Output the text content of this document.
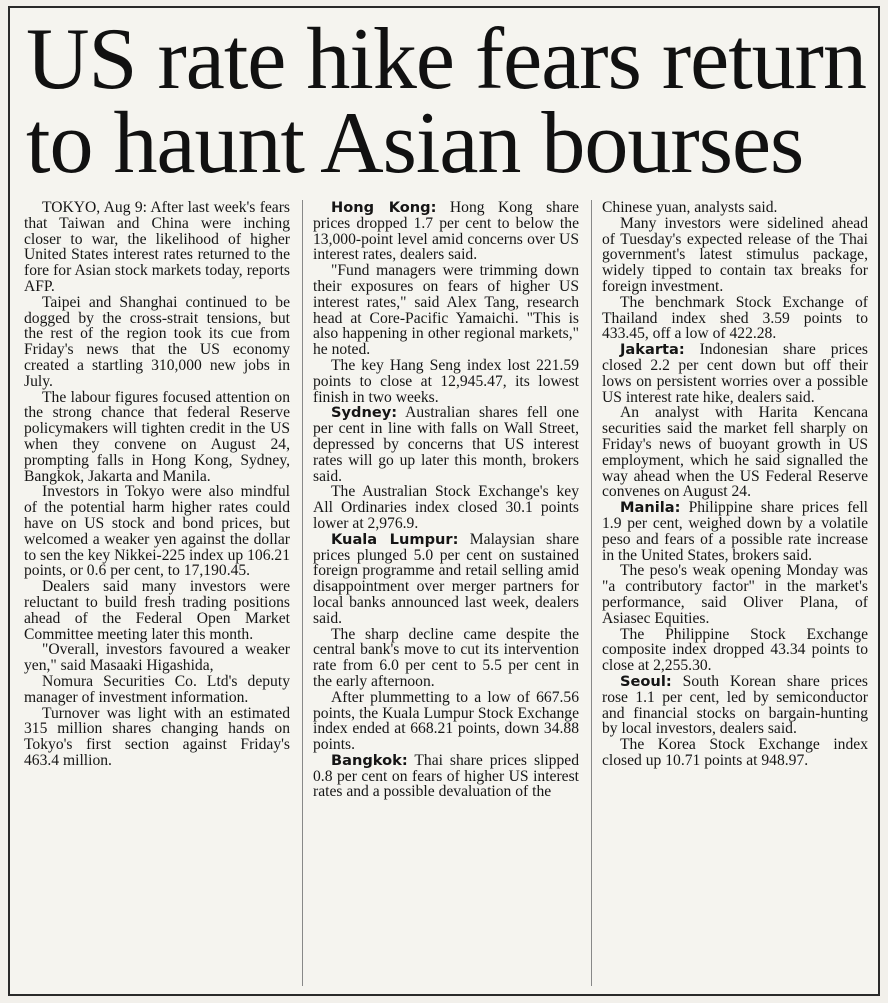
US rate hike fears return
to haunt Asian bourses

TOKYO, Aug 9: After last week's fears that Taiwan and China were inching closer to war, the likelihood of higher United States interest rates returned to the fore for Asian stock markets today, reports AFP.

Taipei and Shanghai continued to be dogged by the cross-strait tensions, but the rest of the region took its cue from Friday's news that the US economy created a startling 310,000 new jobs in July.

The labour figures focused attention on the strong chance that federal Reserve policymakers will tighten credit in the US when they convene on August 24, prompting falls in Hong Kong, Sydney, Bangkok, Jakarta and Manila.

Investors in Tokyo were also mindful of the potential harm higher rates could have on US stock and bond prices, but welcomed a weaker yen against the dollar to sen the key Nikkei-225 index up 106.21 points, or 0.6 per cent, to 17,190.45.

Dealers said many investors were reluctant to build fresh trading positions ahead of the Federal Open Market Committee meeting later this month.

"Overall, investors favoured a weaker yen," said Masaaki Higashida,

Nomura Securities Co. Ltd's deputy manager of investment information.

Turnover was light with an estimated 315 million shares changing hands on Tokyo's first section against Friday's 463.4 million.

Hong Kong: Hong Kong share prices dropped 1.7 per cent to below the 13,000-point level amid concerns over US interest rates, dealers said.

"Fund managers were trimming down their exposures on fears of higher US interest rates," said Alex Tang, research head at Core-Pacific Yamaichi. "This is also happening in other regional markets," he noted.

The key Hang Seng index lost 221.59 points to close at 12,945.47, its lowest finish in two weeks.

Sydney: Australian shares fell one per cent in line with falls on Wall Street, depressed by concerns that US interest rates will go up later this month, brokers said.

The Australian Stock Exchange's key All Ordinaries index closed 30.1 points lower at 2,976.9.

Kuala Lumpur: Malaysian share prices plunged 5.0 per cent on sustained foreign programme and retail selling amid disappointment over merger partners for local banks announced last week, dealers said.

The sharp decline came despite the central bank's move to cut its intervention rate from 6.0 per cent to 5.5 per cent in the early afternoon.

After plummetting to a low of 667.56 points, the Kuala Lumpur Stock Exchange index ended at 668.21 points, down 34.88 points.

Bangkok: Thai share prices slipped 0.8 per cent on fears of higher US interest rates and a possible devaluation of the

Chinese yuan, analysts said.

Many investors were sidelined ahead of Tuesday's expected release of the Thai government's latest stimulus package, widely tipped to contain tax breaks for foreign investment.

The benchmark Stock Exchange of Thailand index shed 3.59 points to 433.45, off a low of 422.28.

Jakarta: Indonesian share prices closed 2.2 per cent down but off their lows on persistent worries over a possible US interest rate hike, dealers said.

An analyst with Harita Kencana securities said the market fell sharply on Friday's news of buoyant growth in US employment, which he said signalled the way ahead when the US Federal Reserve convenes on August 24.

Manila: Philippine share prices fell 1.9 per cent, weighed down by a volatile peso and fears of a possible rate increase in the United States, brokers said.

The peso's weak opening Monday was "a contributory factor" in the market's performance, said Oliver Plana, of Asiasec Equities.

The Philippine Stock Exchange composite index dropped 43.34 points to close at 2,255.30.

Seoul: South Korean share prices rose 1.1 per cent, led by semiconductor and financial stocks on bargain-hunting by local investors, dealers said.

The Korea Stock Exchange index closed up 10.71 points at 948.97.
